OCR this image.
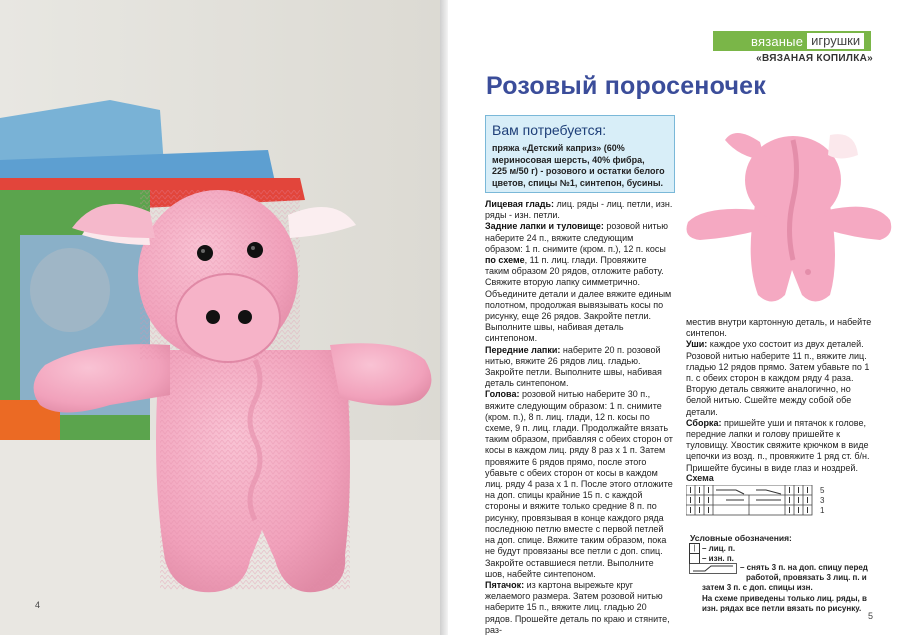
4
вязаные игрушки
«ВЯЗАНАЯ КОПИЛКА»
Розовый поросеночек
Вам потребуется:
пряжа «Детский каприз» (60%
мериносовая шерсть, 40% фибра,
225 м/50 г) - розового и остатки белого
цветов, спицы №1, синтепон, бусины.

Лицевая гладь: лиц. ряды - лиц. петли, изн. ряды - изн. петли.

Задние лапки и туловище: розовой нитью наберите 24 п., вяжите следующим образом: 1 п. снимите (кром. п.), 12 п. косы по схеме, 11 п. лиц. глади. Провяжите таким образом 20 рядов, отложите работу. Свяжите вторую лапку симметрично. Объедините детали и далее вяжите единым полотном, продолжая вывязывать косы по рисунку, еще 26 рядов. Закройте петли. Выполните швы, набивая деталь синтепоном.

Передние лапки: наберите 20 п. розовой нитью, вяжите 26 рядов лиц. гладью. Закройте петли. Выполните швы, набивая деталь синтепоном.

Голова: розовой нитью наберите 30 п., вяжите следующим образом: 1 п. снимите (кром. п.), 8 п. лиц. глади, 12 п. косы по схеме, 9 п. лиц. глади. Продолжайте вязать таким образом, прибавляя с обеих сторон от косы в каждом лиц. ряду 8 раз х 1 п. Затем провяжите 6 рядов прямо, после этого убавьте с обеих сторон от косы в каждом лиц. ряду 4 раза х 1 п. После этого отложите на доп. спицы крайние 15 п. с каждой стороны и вяжите только средние 8 п. по рисунку, провязывая в конце каждого ряда последнюю петлю вместе с первой петлей на доп. спице. Вяжите таким образом, пока не будут провязаны все петли с доп. спиц. Закройте оставшиеся петли. Выполните шов, набейте синтепоном.

Пятачок: из картона вырежьте круг желаемого размера. Затем розовой нитью наберите 15 п., вяжите лиц. гладью 20 рядов. Прошейте деталь по краю и стяните, раз-

местив внутри картонную деталь, и набейте синтепон.

Уши: каждое ухо состоит из двух деталей. Розовой нитью наберите 11 п., вяжите лиц. гладью 12 рядов прямо. Затем убавьте по 1 п. с обеих сторон в каждом ряду 4 раза. Вторую деталь свяжите аналогично, но белой нитью. Сшейте между собой обе детали.

Сборка: пришейте уши и пятачок к голове, передние лапки и голову пришейте к туловищу. Хвостик свяжите крючком в виде цепочки из возд. п., провяжите 1 ряд ст. б/н. Пришейте бусины в виде глаз и ноздрей.

Схема
5
3
1
Условные обозначения:
| – лиц. п.
– изн. п.
– снять 3 п. на доп. спицу перед
работой, провязать 3 лиц. п. и
затем 3 п. с доп. спицы изн.
На схеме приведены только лиц. ряды, в изн. рядах все петли вязать по рисунку.
5
